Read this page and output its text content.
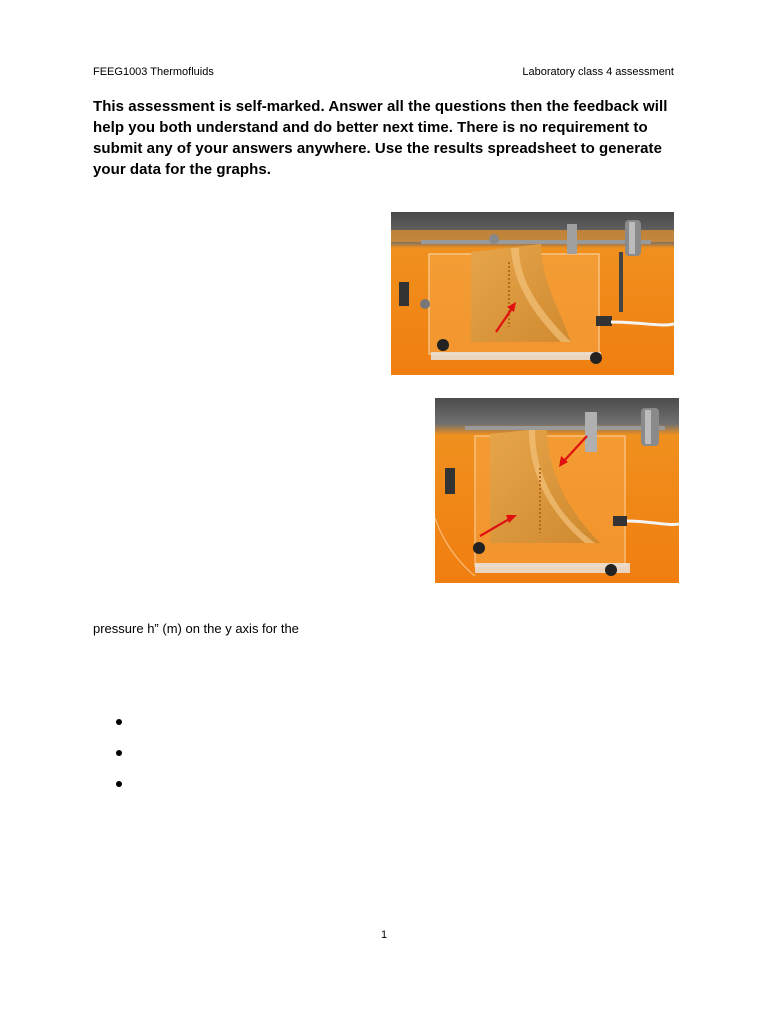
FEEG1003 Thermofluids	Laboratory class 4 assessment
This assessment is self-marked. Answer all the questions then the feedback will help you both understand and do better next time. There is no requirement to submit any of your answers anywhere. Use the results spreadsheet to generate your data for the graphs.
pressure h” (m) on the y axis for the
1
